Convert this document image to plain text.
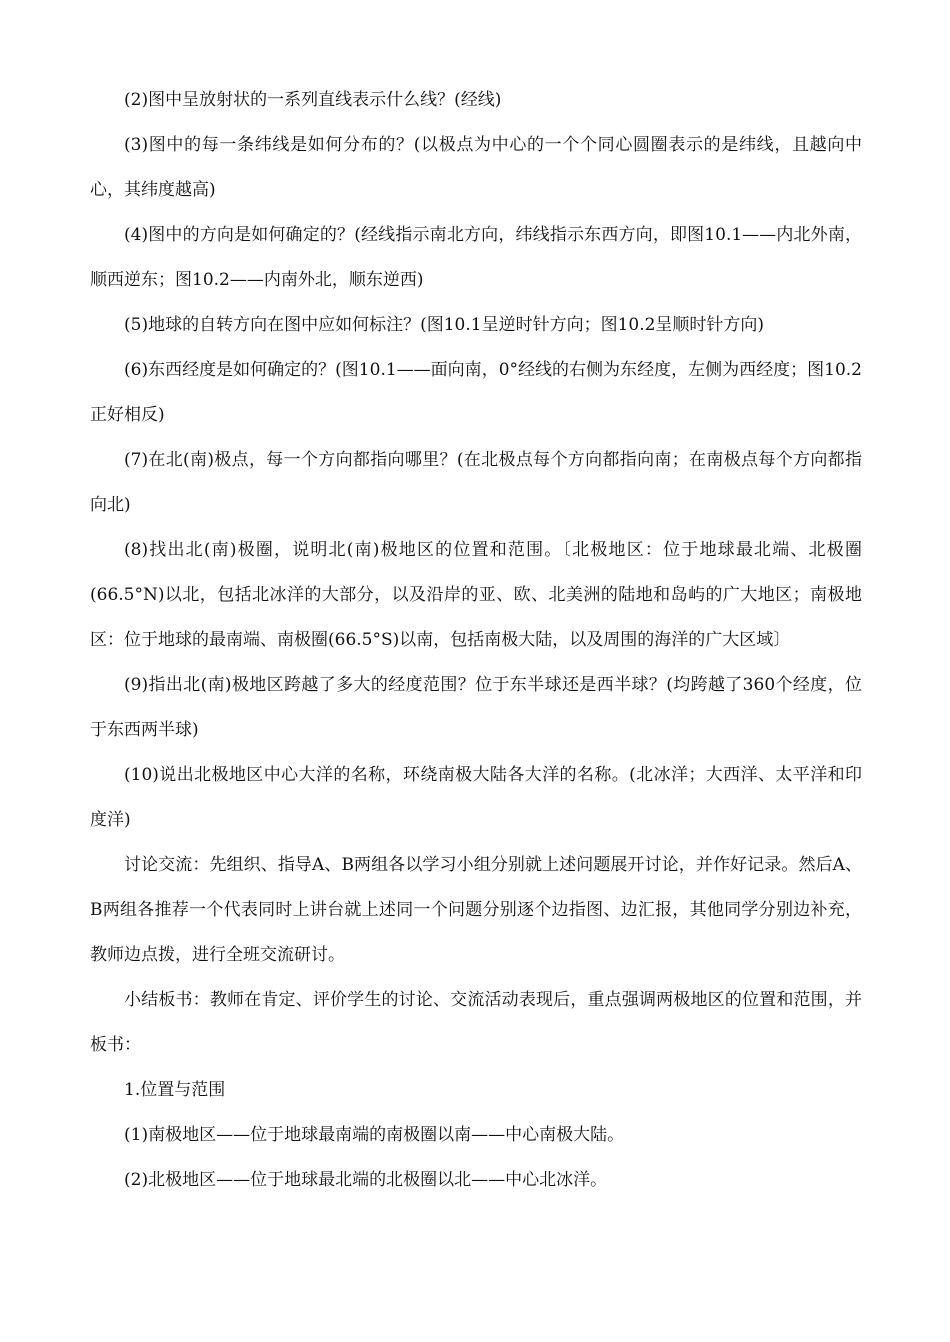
(2)图中呈放射状的一系列直线表示什么线？(经线)

(3)图中的每一条纬线是如何分布的？(以极点为中心的一个个同心圆圈表示的是纬线，且越向中心，其纬度越高)

(4)图中的方向是如何确定的？(经线指示南北方向，纬线指示东西方向，即图10.1——内北外南，顺西逆东；图10.2——内南外北，顺东逆西)

(5)地球的自转方向在图中应如何标注？(图10.1呈逆时针方向；图10.2呈顺时针方向)

(6)东西经度是如何确定的？(图10.1——面向南，0°经线的右侧为东经度，左侧为西经度；图10.2正好相反)

(7)在北(南)极点，每一个方向都指向哪里？(在北极点每个方向都指向南；在南极点每个方向都指向北)

(8)找出北(南)极圈，说明北(南)极地区的位置和范围。〔北极地区：位于地球最北端、北极圈(66.5°N)以北，包括北冰洋的大部分，以及沿岸的亚、欧、北美洲的陆地和岛屿的广大地区；南极地区：位于地球的最南端、南极圈(66.5°S)以南，包括南极大陆，以及周围的海洋的广大区域〕

(9)指出北(南)极地区跨越了多大的经度范围？位于东半球还是西半球？(均跨越了360个经度，位于东西两半球)

(10)说出北极地区中心大洋的名称，环绕南极大陆各大洋的名称。(北冰洋；大西洋、太平洋和印度洋)

讨论交流：先组织、指导A、B两组各以学习小组分别就上述问题展开讨论，并作好记录。然后A、B两组各推荐一个代表同时上讲台就上述同一个问题分别逐个边指图、边汇报，其他同学分别边补充，教师边点拨，进行全班交流研讨。

小结板书：教师在肯定、评价学生的讨论、交流活动表现后，重点强调两极地区的位置和范围，并板书：

1.位置与范围

(1)南极地区——位于地球最南端的南极圈以南——中心南极大陆。

(2)北极地区——位于地球最北端的北极圈以北——中心北冰洋。
